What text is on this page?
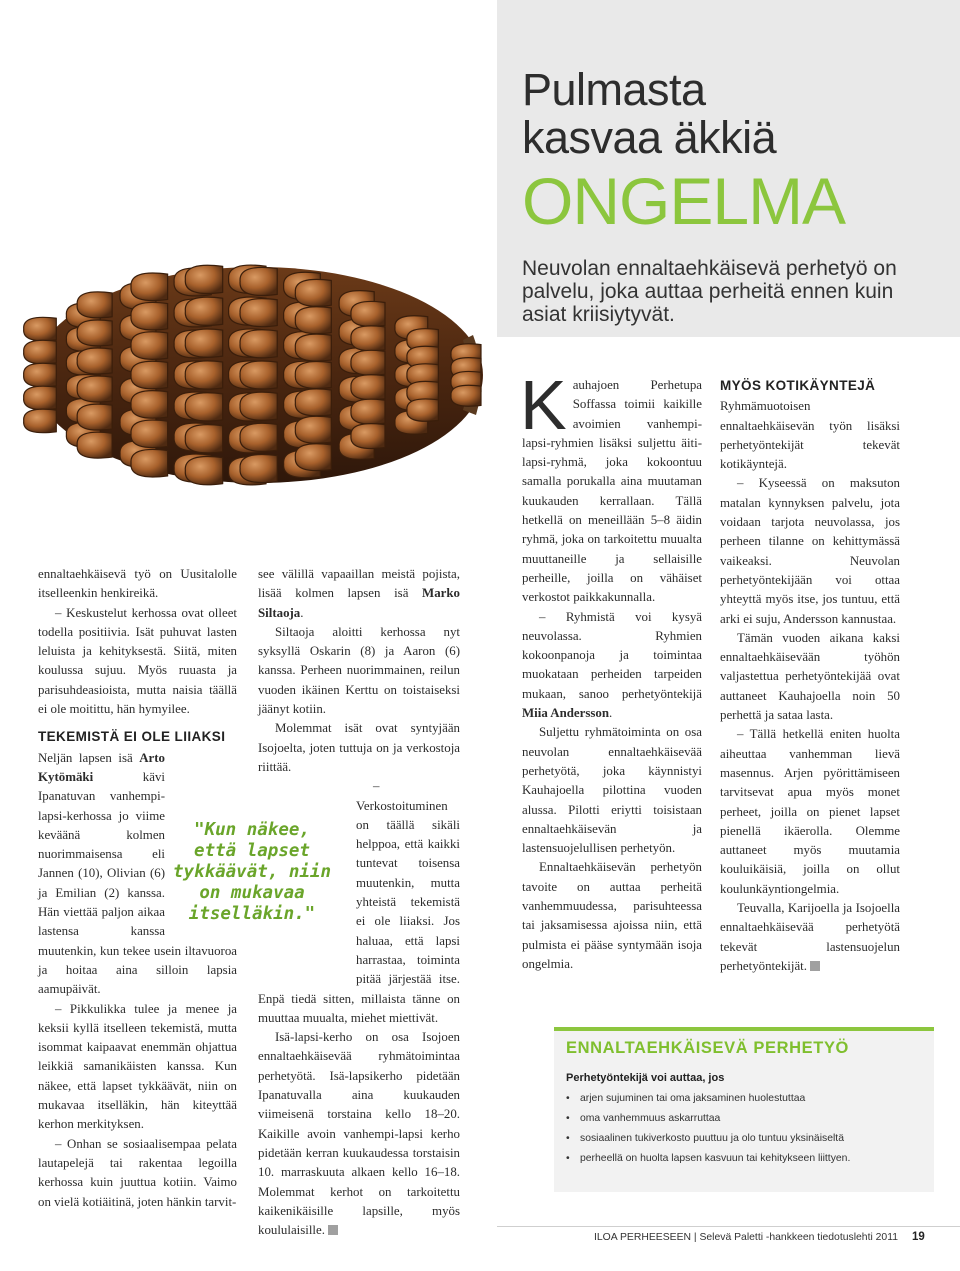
Pulmasta
kasvaa äkkiä
ONGELMA
Neuvolan ennaltaehkäisevä perhetyö on palvelu, joka auttaa perheitä ennen kuin asiat kriisiytyvät.

ennaltaehkäisevä työ on Uusitalolle itselleenkin henkireikä.

– Keskustelut kerhossa ovat olleet todella positiivia. Isät puhuvat lasten leluista ja kehityksestä. Siitä, miten koulussa sujuu. Myös ruuasta ja parisuhdeasioista, mutta naisia täällä ei ole moitittu, hän hymyilee.

TEKEMISTÄ EI OLE LIIAKSI

Neljän lapsen isä Arto Kytömäki kävi Ipanatuvan vanhempi-lapsi-kerhossa jo viime keväänä kolmen nuorimmaisensa eli Jannen (10), Olivian (6) ja Emilian (2) kanssa. Hän viettää paljon aikaa lastensa kanssa muutenkin, kun tekee usein iltavuoroa ja hoitaa aina silloin lapsia aamupäivät.

– Pikkulikka tulee ja menee ja keksii kyllä itselleen tekemistä, mutta isommat kaipaavat enemmän ohjattua leikkiä samanikäisten kanssa. Kun näkee, että lapset tykkäävät, niin on mukavaa itselläkin, hän kiteyttää kerhon merkityksen.

– Onhan se sosiaalisempaa pelata lautapelejä tai rakentaa legoilla kerhossa kuin juuttua kotiin. Vaimo on vielä kotiäitinä, joten hänkin tarvit-

see välillä vapaaillan meistä pojista, lisää kolmen lapsen isä Marko Siltaoja.

Siltaoja aloitti kerhossa nyt syksyllä Oskarin (8) ja Aaron (6) kanssa. Perheen nuorimmainen, reilun vuoden ikäinen Kerttu on toistaiseksi jäänyt kotiin.

Molemmat isät ovat syntyjään Isojoelta, joten tuttuja on ja verkostoja riittää.

–Verkostoituminen on täällä sikäli helppoa, että kaikki tuntevat toisensa muutenkin, mutta yhteistä tekemistä ei ole liiaksi. Jos haluaa, että lapsi harrastaa, toiminta pitää järjestää itse. Enpä tiedä sitten, millaista tänne on muuttaa muualta, miehet miettivät.

Isä-lapsi-kerho on osa Isojoen ennaltaehkäisevää ryhmätoimintaa perhetyötä. Isä-lapsikerho pidetään Ipanatuvalla aina kuukauden viimeisenä torstaina kello 18–20. Kaikille avoin vanhempi-lapsi kerho pidetään kerran kuukaudessa torstaisin 10. marraskuuta alkaen kello 16–18. Molemmat kerhot on tarkoitettu kaikenikäisille lapsille, myös koululaisille.

"Kun näkee, että lapset tykkäävät, niin on mukavaa itselläkin."

Kauhajoen Perhetupa Soffassa toimii kaikille avoimien vanhempi-lapsi-ryhmien lisäksi suljettu äiti-lapsi-ryhmä, joka kokoontuu samalla porukalla aina muutaman kuukauden kerrallaan. Tällä hetkellä on meneillään 5–8 äidin ryhmä, joka on tarkoitettu muualta muuttaneille ja sellaisille perheille, joilla on vähäiset verkostot paikkakunnalla.

– Ryhmistä voi kysyä neuvolassa. Ryhmien kokoonpanoja ja toimintaa muokataan perheiden tarpeiden mukaan, sanoo perhetyöntekijä Miia Andersson.

Suljettu ryhmätoiminta on osa neuvolan ennaltaehkäisevää perhetyötä, joka käynnistyi Kauhajoella pilottina vuoden alussa. Pilotti eriytti toisistaan ennaltaehkäisevän ja lastensuojelullisen perhetyön.

Ennaltaehkäisevän perhetyön tavoite on auttaa perheitä vanhemmuudessa, parisuhteessa tai jaksamisessa ajoissa niin, että pulmista ei pääse syntymään isoja ongelmia.

MYÖS KOTIKÄYNTEJÄ

Ryhmämuotoisen ennaltaehkäisevän työn lisäksi perhetyöntekijät tekevät kotikäyntejä.

– Kyseessä on maksuton matalan kynnyksen palvelu, jota voidaan tarjota neuvolassa, jos perheen tilanne on kehittymässä vaikeaksi. Neuvolan perhetyöntekijään voi ottaa yhteyttä myös itse, jos tuntuu, että arki ei suju, Andersson kannustaa.

Tämän vuoden aikana kaksi ennaltaehkäisevään työhön valjastettua perhetyöntekijää ovat auttaneet Kauhajoella noin 50 perhettä ja sataa lasta.

– Tällä hetkellä eniten huolta aiheuttaa vanhemman lievä masennus. Arjen pyörittämiseen tarvitsevat apua myös monet perheet, joilla on pienet lapset pienellä ikäerolla. Olemme auttaneet myös muutamia kouluikäisiä, joilla on ollut koulunkäyntiongelmia.

Teuvalla, Karijoella ja Isojoella ennaltaehkäisevää perhetyötä tekevät lastensuojelun perhetyöntekijät.

ENNALTAEHKÄISEVÄ PERHETYÖ
Perhetyöntekijä voi auttaa, jos
• arjen sujuminen tai oma jaksaminen huolestuttaa
• oma vanhemmuus askarruttaa
• sosiaalinen tukiverkosto puuttuu ja olo tuntuu yksinäiseltä
• perheellä on huolta lapsen kasvuun tai kehitykseen liittyen.
ILOA PERHEESEEN | Selevä Paletti -hankkeen tiedotuslehti 2011 19
